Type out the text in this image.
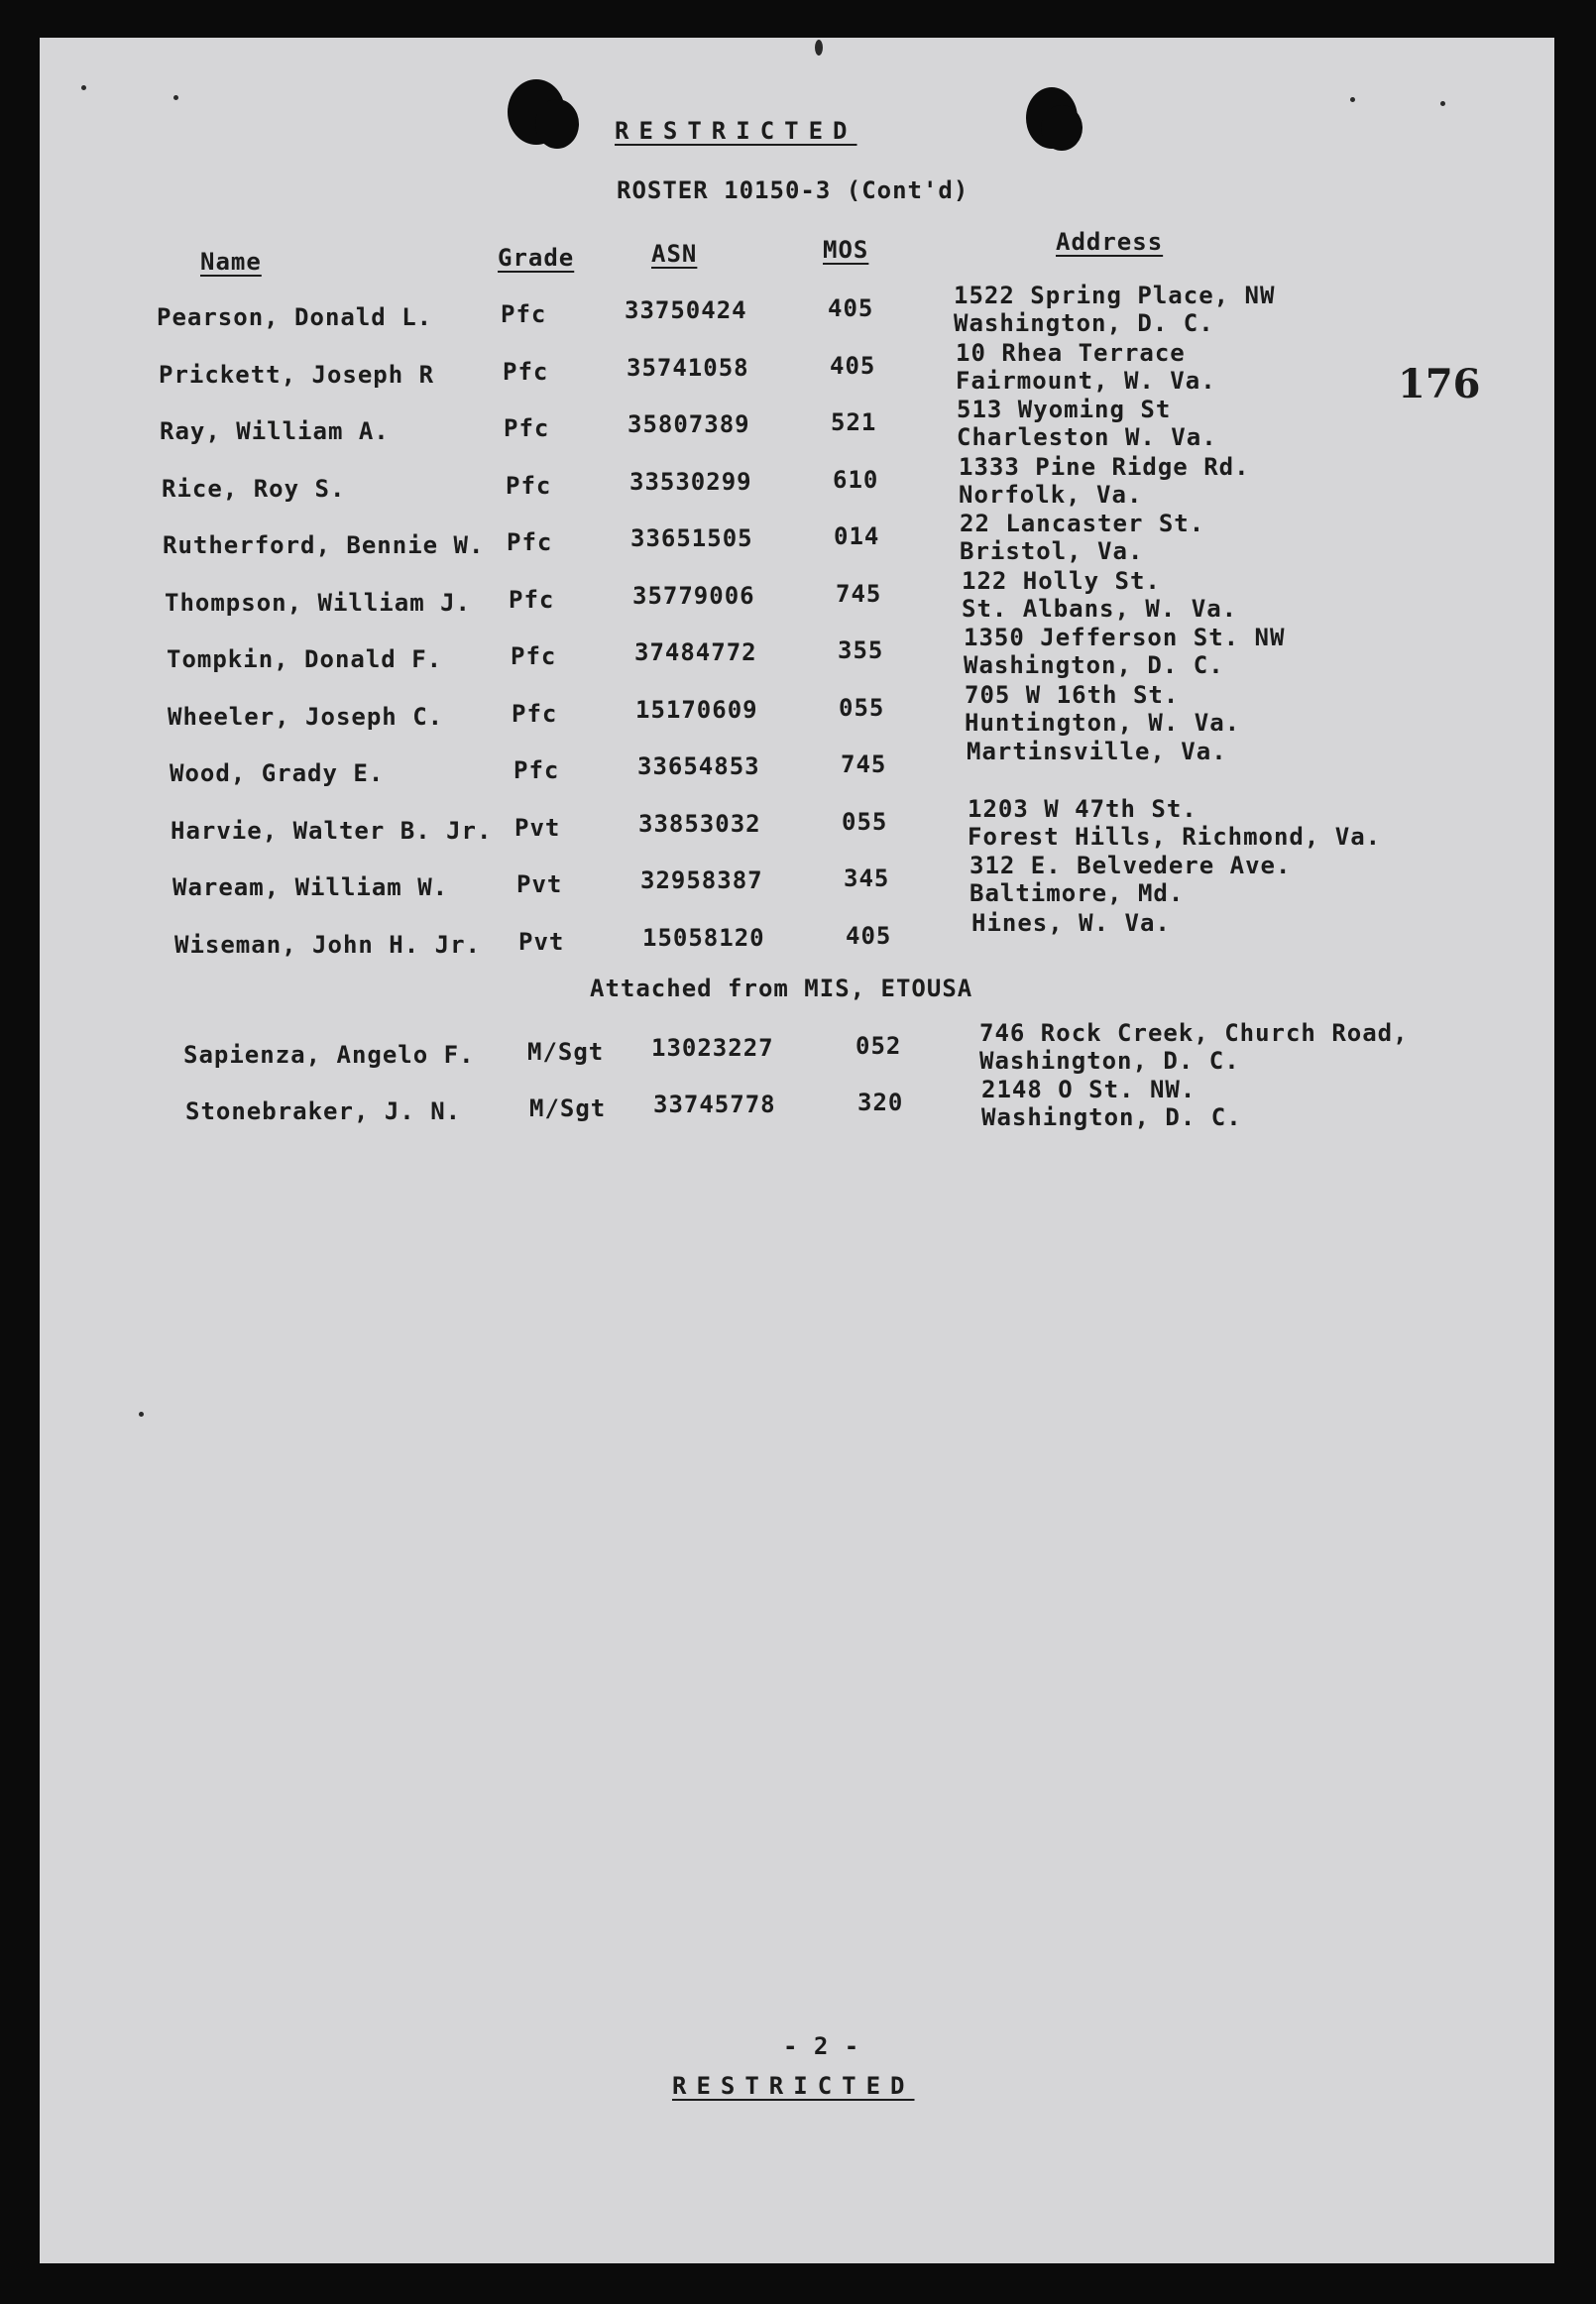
RESTRICTED
ROSTER 10150-3 (Cont'd)
176
Name	Grade	ASN	MOS	Address
Pearson, Donald L.	Pfc	33750424	405	1522 Spring Place, NW
Washington, D. C.
Prickett, Joseph R	Pfc	35741058	405	10 Rhea Terrace
Fairmount, W. Va.
Ray, William A.	Pfc	35807389	521	513 Wyoming St
Charleston W. Va.
Rice, Roy S.	Pfc	33530299	610	1333 Pine Ridge Rd.
Norfolk, Va.
Rutherford, Bennie W. Pfc	33651505	014	22 Lancaster St.
Bristol, Va.
Thompson, William J. Pfc	35779006	745	122 Holly St.
St. Albans, W. Va.
Tompkin, Donald F.	Pfc	37484772	355	1350 Jefferson St. NW
Washington, D. C.
Wheeler, Joseph C.	Pfc	15170609	055	705 W 16th St.
Huntington, W. Va.
Wood, Grady E.	Pfc	33654853	745	Martinsville, Va.
Harvie, Walter B. Jr. Pvt	33853032	055	1203 W 47th St.
Forest Hills, Richmond, Va.
Waream, William W.	Pvt	32958387	345	312 E. Belvedere Ave.
Baltimore, Md.
Wiseman, John H. Jr. Pvt	15058120	405	Hines, W. Va.
Sapienza, Angelo F. M/Sgt 13023227	052	746 Rock Creek, Church Road,
Washington, D. C.
Stonebraker, J. N.	M/Sgt 33745778	320	2148 O St. NW.
Washington, D. C.
Attached from MIS, ETOUSA
- 2 -
RESTRICTED
